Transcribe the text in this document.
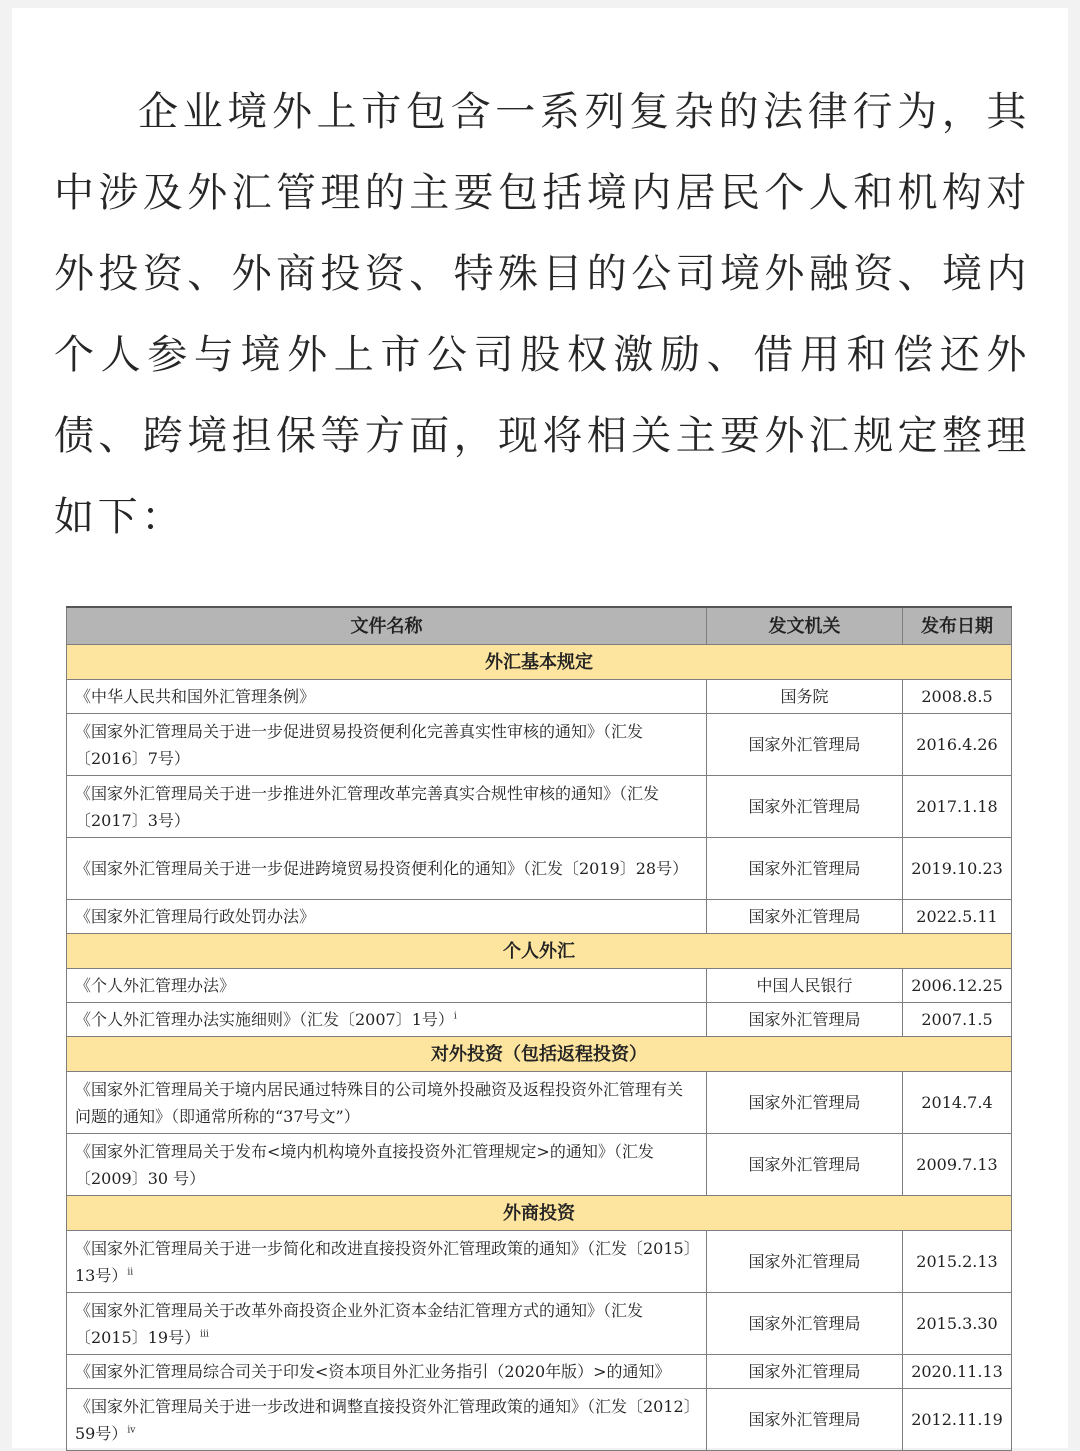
企业境外上市包含一系列复杂的法律行为，其中涉及外汇管理的主要包括境内居民个人和机构对外投资、外商投资、特殊目的公司境外融资、境内个人参与境外上市公司股权激励、借用和偿还外债、跨境担保等方面，现将相关主要外汇规定整理如下：

文件名称	发文机关	发布日期
外汇基本规定		
《中华人民共和国外汇管理条例》	国务院	2008.8.5
《国家外汇管理局关于进一步促进贸易投资便利化完善真实性审核的通知》（汇发〔2016〕7号）	国家外汇管理局	2016.4.26
《国家外汇管理局关于进一步推进外汇管理改革完善真实合规性审核的通知》（汇发〔2017〕3号）	国家外汇管理局	2017.1.18
《国家外汇管理局关于进一步促进跨境贸易投资便利化的通知》（汇发〔2019〕28号）	国家外汇管理局	2019.10.23
《国家外汇管理局行政处罚办法》	国家外汇管理局	2022.5.11
个人外汇		
《个人外汇管理办法》	中国人民银行	2006.12.25
《个人外汇管理办法实施细则》（汇发〔2007〕1号）$^i$	国家外汇管理局	2007.1.5
对外投资（包括返程投资）		
《国家外汇管理局关于境内居民通过特殊目的公司境外投融资及返程投资外汇管理有关问题的通知》（即通常所称的“37号文”）	国家外汇管理局	2014.7.4
《国家外汇管理局关于发布<境内机构境外直接投资外汇管理规定>的通知》（汇发〔2009〕30 号）	国家外汇管理局	2009.7.13
外商投资		
《国家外汇管理局关于进一步简化和改进直接投资外汇管理政策的通知》（汇发〔2015〕13号）$^{ii}$	国家外汇管理局	2015.2.13
《国家外汇管理局关于改革外商投资企业外汇资本金结汇管理方式的通知》（汇发〔2015〕19号）$^{iii}$	国家外汇管理局	2015.3.30
《国家外汇管理局综合司关于印发<资本项目外汇业务指引（2020年版）>的通知》	国家外汇管理局	2020.11.13
《国家外汇管理局关于进一步改进和调整直接投资外汇管理政策的通知》（汇发〔2012〕59号）$^{iv}$	国家外汇管理局	2012.11.19
